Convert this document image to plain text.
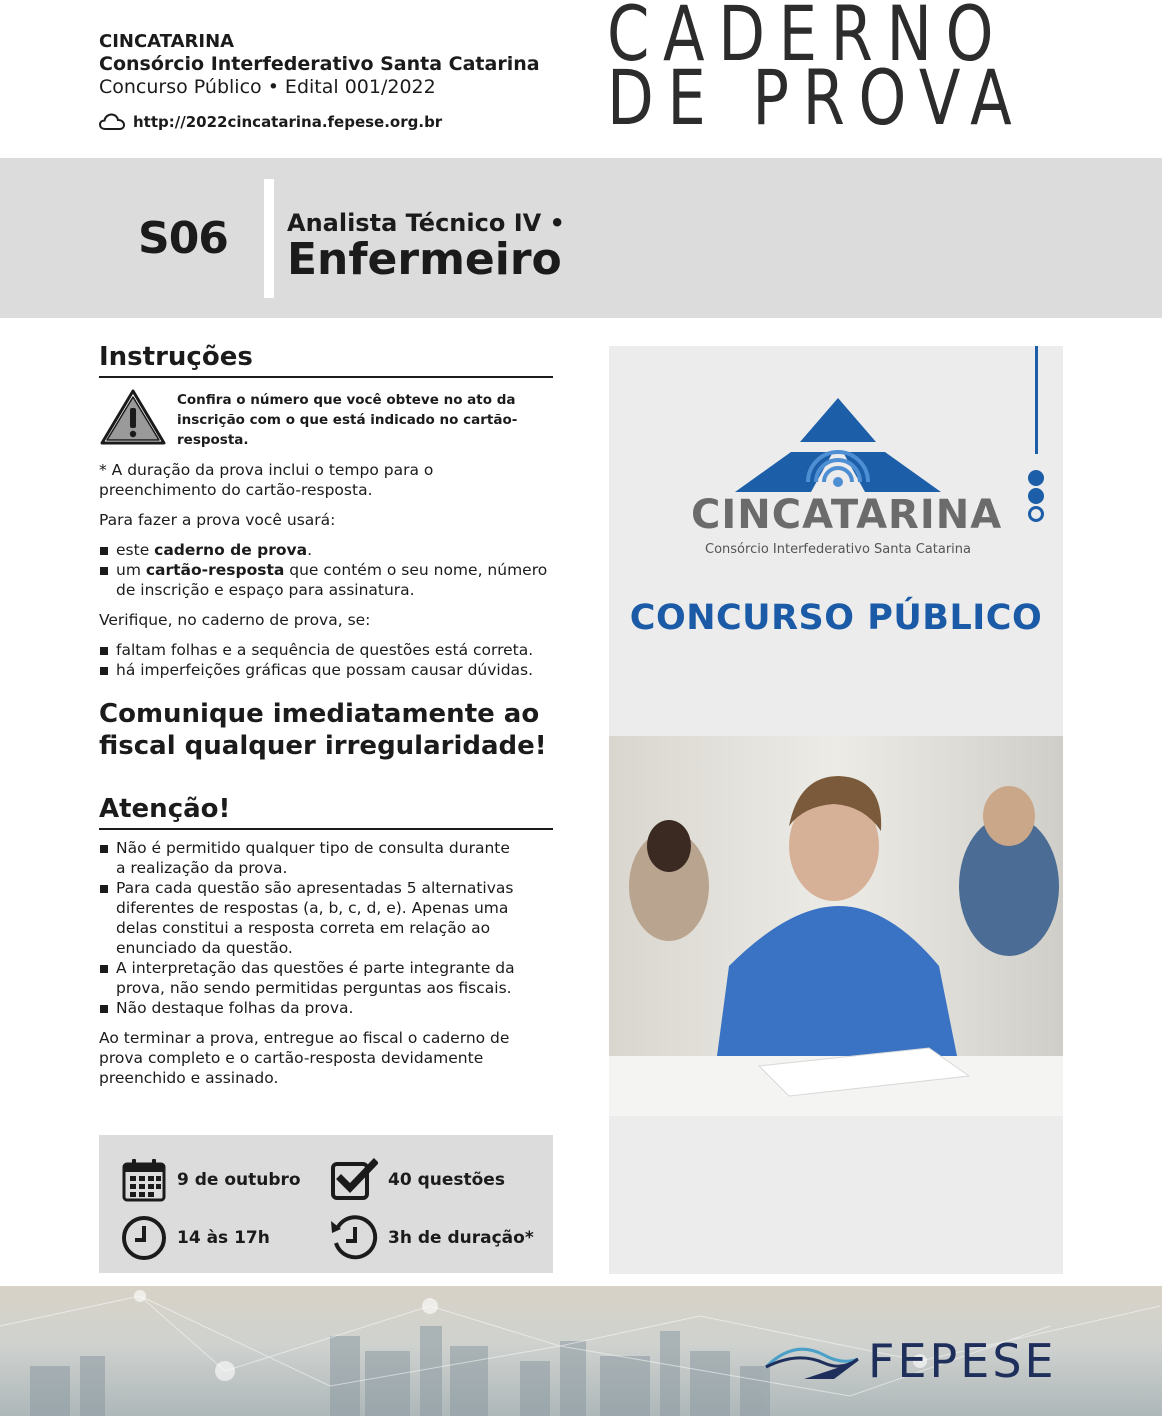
CINCATARINA
Consórcio Interfederativo Santa Catarina
Concurso Público • Edital 001/2022
http://2022cincatarina.fepese.org.br
CADERNO
DE PROVA
S06 Analista Técnico IV •
Enfermeiro
Instruções
Confira o número que você obteve no ato da inscrição com o que está indicado no cartão-resposta.
* A duração da prova inclui o tempo para o preenchimento do cartão-resposta.
Para fazer a prova você usará:
este caderno de prova.
um cartão-resposta que contém o seu nome, número de inscrição e espaço para assinatura.
Verifique, no caderno de prova, se:
faltam folhas e a sequência de questões está correta.
há imperfeições gráficas que possam causar dúvidas.
Comunique imediatamente ao
fiscal qualquer irregularidade!
Atenção!
Não é permitido qualquer tipo de consulta durante a realização da prova.
Para cada questão são apresentadas 5 alternativas diferentes de respostas (a, b, c, d, e). Apenas uma delas constitui a resposta correta em relação ao enunciado da questão.
A interpretação das questões é parte integrante da prova, não sendo permitidas perguntas aos fiscais.
Não destaque folhas da prova.
Ao terminar a prova, entregue ao fiscal o caderno de prova completo e o cartão-resposta devidamente preenchido e assinado.
9 de outubro	40 questões
14 às 17h	3h de duração*
CINCATARINA
Consórcio Interfederativo Santa Catarina
CONCURSO PÚBLICO
FEPESE
